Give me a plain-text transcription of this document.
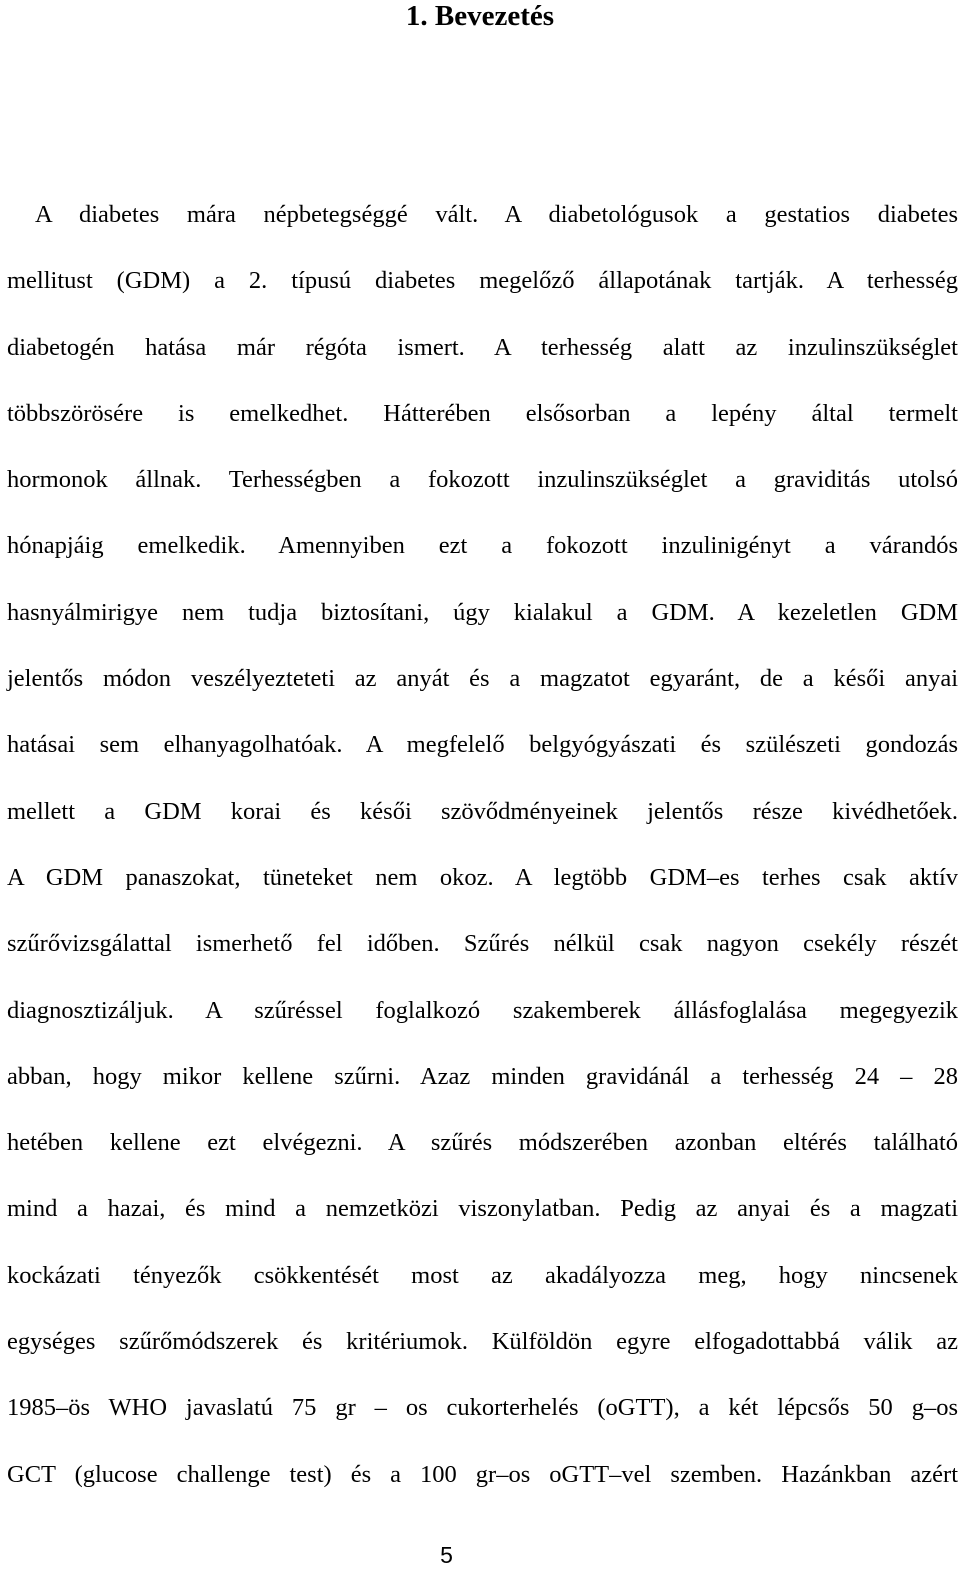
1. Bevezetés
A diabetes mára népbetegséggé vált. A diabetológusok a gestatios diabetes
mellitust (GDM) a 2. típusú diabetes megelőző állapotának tartják. A terhesség
diabetogén hatása már régóta ismert. A terhesség alatt az inzulinszükséglet
többszörösére is emelkedhet. Hátterében elsősorban a lepény által termelt
hormonok állnak. Terhességben a fokozott inzulinszükséglet a graviditás utolsó
hónapjáig emelkedik. Amennyiben ezt a fokozott inzulinigényt a várandós
hasnyálmirigye nem tudja biztosítani, úgy kialakul a GDM. A kezeletlen GDM
jelentős módon veszélyezteteti az anyát és a magzatot egyaránt, de a késői anyai
hatásai sem elhanyagolhatóak. A megfelelő belgyógyászati és szülészeti gondozás
mellett a GDM korai és késői szövődményeinek jelentős része kivédhetőek.
A GDM panaszokat, tüneteket nem okoz. A legtöbb GDM–es terhes csak aktív
szűrővizsgálattal ismerhető fel időben. Szűrés nélkül csak nagyon csekély részét
diagnosztizáljuk. A szűréssel foglalkozó szakemberek állásfoglalása megegyezik
abban, hogy mikor kellene szűrni. Azaz minden gravidánál a terhesség 24 – 28
hetében kellene ezt elvégezni. A szűrés módszerében azonban eltérés található
mind a hazai, és mind a nemzetközi viszonylatban. Pedig az anyai és a magzati
kockázati tényezők csökkentését most az akadályozza meg, hogy nincsenek
egységes szűrőmódszerek és kritériumok. Külföldön egyre elfogadottabbá válik az
1985–ös WHO javaslatú 75 gr – os cukorterhelés (oGTT), a két lépcsős 50 g–os
GCT (glucose challenge test) és a 100 gr–os oGTT–vel szemben. Hazánkban azért
5
